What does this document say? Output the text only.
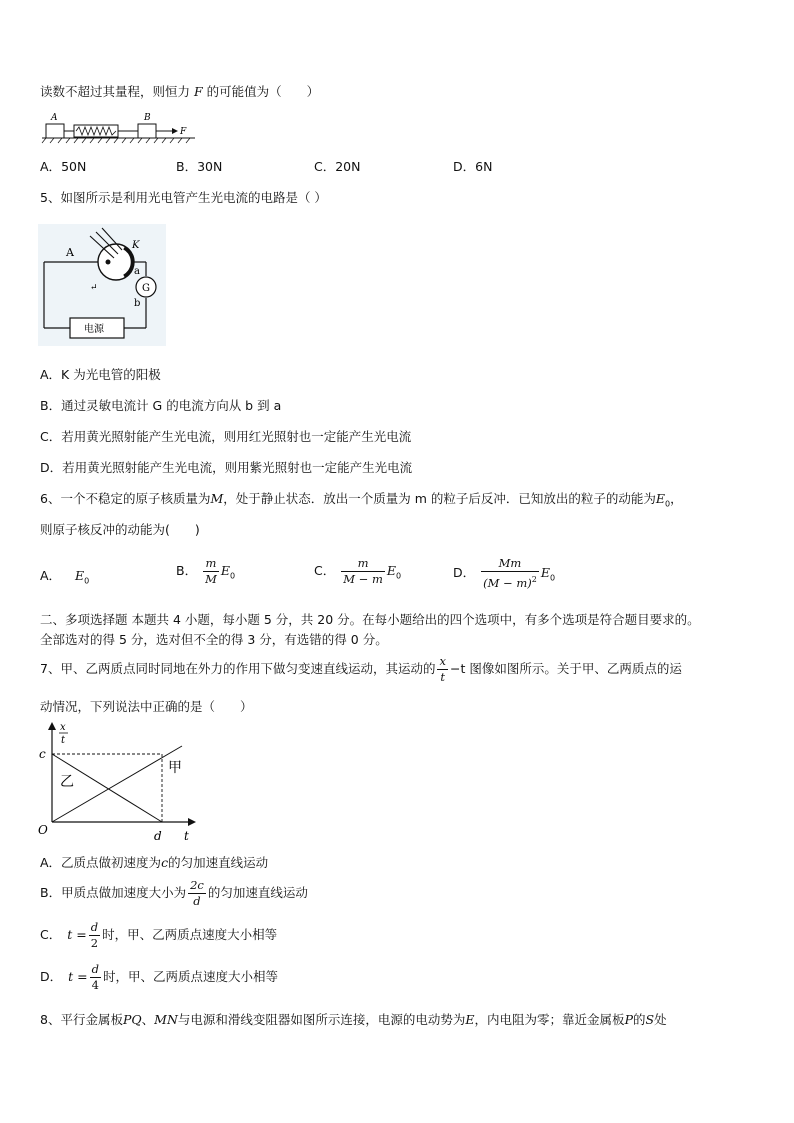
读数不超过其量程，则恒力 F 的可能值为（　　）
A	B
F
A．50N	B．30N	C．20N	D．6N
5、如图所示是利用光电管产生光电流的电路是（ ）
A
K
a
b
G
↵
电源
A．K 为光电管的阳极
B．通过灵敏电流计 G 的电流方向从 b 到 a
C．若用黄光照射能产生光电流，则用红光照射也一定能产生光电流
D．若用黄光照射能产生光电流，则用紫光照射也一定能产生光电流
6、一个不稳定的原子核质量为M，处于静止状态．放出一个质量为 m 的粒子后反冲．已知放出的粒子的动能为$E_0$，
则原子核反冲的动能为(　　)
A． $E_0$
B． $\frac{m}{M} E_0$	C． $\frac{m}{M - m} E_0$	D． $\frac{Mm}{(M - m)^2} E_0$
二、多项选择题 本题共 4 小题，每小题 5 分，共 20 分。在每小题给出的四个选项中，有多个选项是符合题目要求的。
全部选对的得 5 分，选对但不全的得 3 分，有选错的得 0 分。
7、甲、乙两质点同时同地在外力的作用下做匀变速直线运动，其运动的 $\frac{x}{t} -t$ 图像如图所示。关于甲、乙两质点的运
动情况，下列说法中正确的是（　　）
x
t
c
O	d t
甲
乙
A．乙质点做初速度为c的匀加速直线运动
B．甲质点做加速度大小为 $\frac{2c}{d}$ 的匀加速直线运动
C． $t = \frac{d}{2}$ 时，甲、乙两质点速度大小相等
D． $t = \frac{d}{4}$ 时，甲、乙两质点速度大小相等
8、平行金属板PQ、MN与电源和滑线变阻器如图所示连接，电源的电动势为E，内电阻为零；靠近金属板P的S处
